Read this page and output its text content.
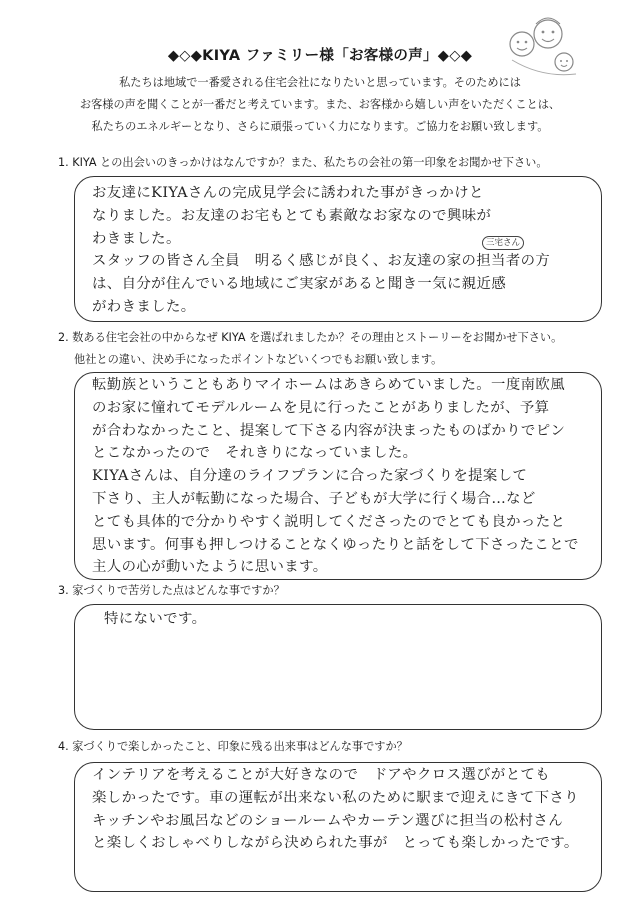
◆◇◆KIYA ファミリー様「お客様の声」◆◇◆
私たちは地域で一番愛される住宅会社になりたいと思っています。そのためには
お客様の声を聞くことが一番だと考えています。また、お客様から嬉しい声をいただくことは、
私たちのエネルギーとなり、さらに頑張っていく力になります。ご協力をお願い致します。
1. KIYA との出会いのきっかけはなんですか？また、私たちの会社の第一印象をお聞かせ下さい。
お友達にKIYAさんの完成見学会に誘われた事がきっかけと
なりました。お友達のお宅もとても素敵なお家なので興味が
わきました。
スタッフの皆さん全員　明るく感じが良く、お友達の家の担当者の方
は、自分が住んでいる地域にご実家があると聞き一気に親近感
がわきました。
三宅さん
2. 数ある住宅会社の中からなぜ KIYA を選ばれましたか？その理由とストーリーをお聞かせ下さい。
他社との違い、決め手になったポイントなどいくつでもお願い致します。
転勤族ということもありマイホームはあきらめていました。一度南欧風
のお家に憧れてモデルルームを見に行ったことがありましたが、予算
が合わなかったこと、提案して下さる内容が決まったものばかりでピン
とこなかったので　それきりになっていました。
KIYAさんは、自分達のライフプランに合った家づくりを提案して
下さり、主人が転勤になった場合、子どもが大学に行く場合…など
とても具体的で分かりやすく説明してくださったのでとても良かったと
思います。何事も押しつけることなくゆったりと話をして下さったことで
主人の心が動いたように思います。
3. 家づくりで苦労した点はどんな事ですか？
特にないです。
4. 家づくりで楽しかったこと、印象に残る出来事はどんな事ですか？
インテリアを考えることが大好きなので　ドアやクロス選びがとても
楽しかったです。車の運転が出来ない私のために駅まで迎えにきて下さり
キッチンやお風呂などのショールームやカーテン選びに担当の松村さん
と楽しくおしゃべりしながら決められた事が　とっても楽しかったです。
